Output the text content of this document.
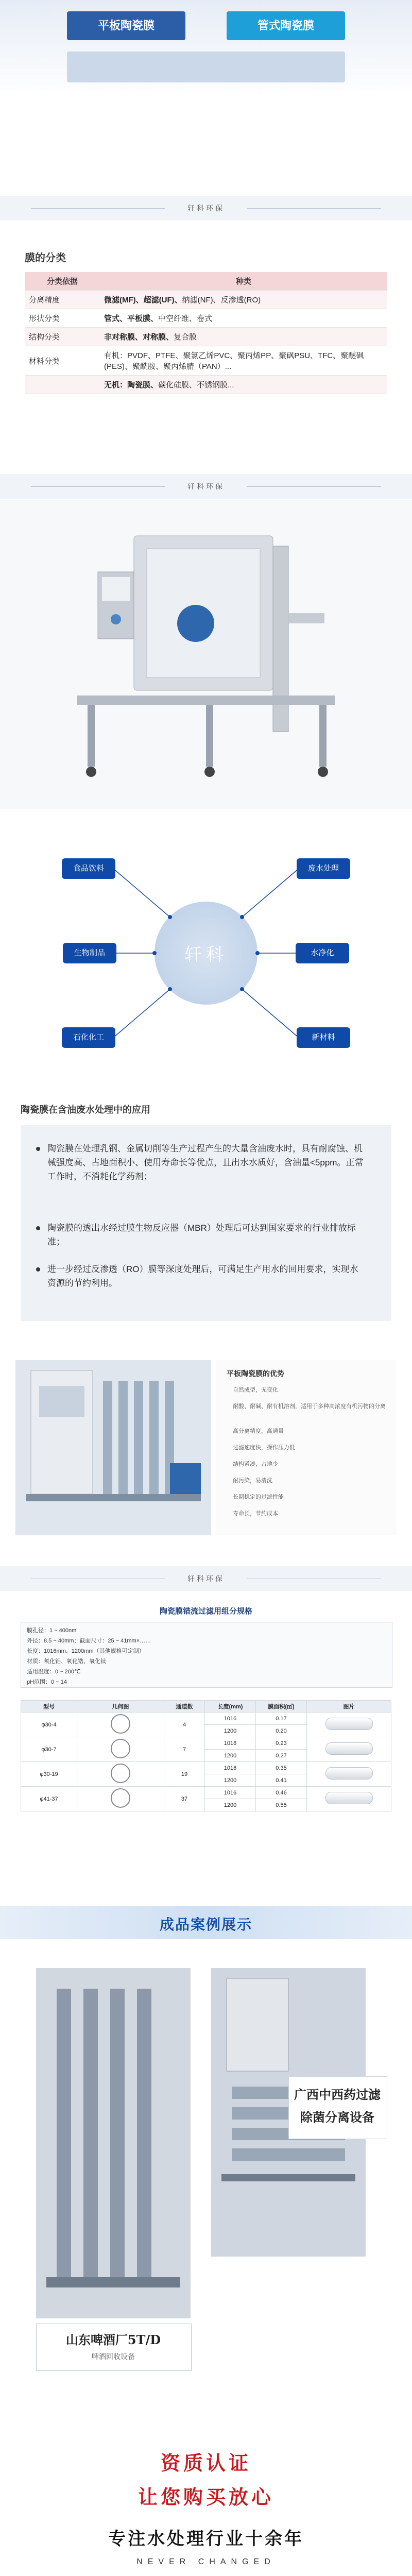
平板陶瓷膜	管式陶瓷膜
轩科环保
膜的分类
分类依据	种类
分离精度	微滤(MF)、超滤(UF)、纳滤(NF)、反渗透(RO)
形状分类	管式、平板膜、中空纤维、卷式
结构分类	非对称膜、对称膜、复合膜
材料分类	有机：PVDF、PTFE、聚氯乙烯PVC、聚丙烯PP、聚砜PSU、TFC、聚醚砜(PES)、聚酰胺、聚丙烯腈（PAN）...
	无机：陶瓷膜、碳化硅膜、不锈钢膜...
轩科环保
轩科
食品饮料	废水处理
生物制品	水净化
石化化工	新材料
陶瓷膜在含油废水处理中的应用
陶瓷膜在处理乳钢、金属切削等生产过程产生的大量含油废水时，具有耐腐蚀、机械强度高、占地面积小、使用寿命长等优点，且出水水质好，含油量<5ppm。正常工作时，不消耗化学药剂；
陶瓷膜的透出水经过膜生物反应器（MBR）处理后可达到国家要求的行业排放标准；
进一步经过反渗透（RO）膜等深度处理后，可满足生产用水的回用要求，实现水资源的节约利用。
平板陶瓷膜的优势
自然成型，无变化
耐酸、耐碱、耐有机溶剂，适用于多种高浓度有机污物的分离
高分离精度，高通量
过滤速度快，操作压力低
结构紧凑，占地少
耐污染，易清洗
长期稳定的过滤性能
寿命长，节约成本
轩科环保
陶瓷膜错流过滤用组分规格
膜孔径：1 ~ 400nm
外径：8.5 ~ 40mm；截面尺寸：25 ~ 41mm×……
长度：1016mm、1200mm（其他规格可定制）
材质：氧化铝、氧化锆、氧化钛
适用温度：0 ~ 200℃
pH范围：0 ~ 14
型号	几何图	通道数	长度(mm)	膜面积(㎡)	图片
φ30-4		4	1016	0.17	
			1200	0.20	
φ30-7		7	1016	0.23	
			1200	0.27	
φ30-19		19	1016	0.35	
			1200	0.41	
φ41-37		37	1016	0.46	
			1200	0.55	
成品案例展示
广西中西药过滤除菌分离设备
山东啤酒厂5T/D
啤酒回收设备
资质认证
让您购买放心
专注水处理行业十余年
NEVER CHANGED
